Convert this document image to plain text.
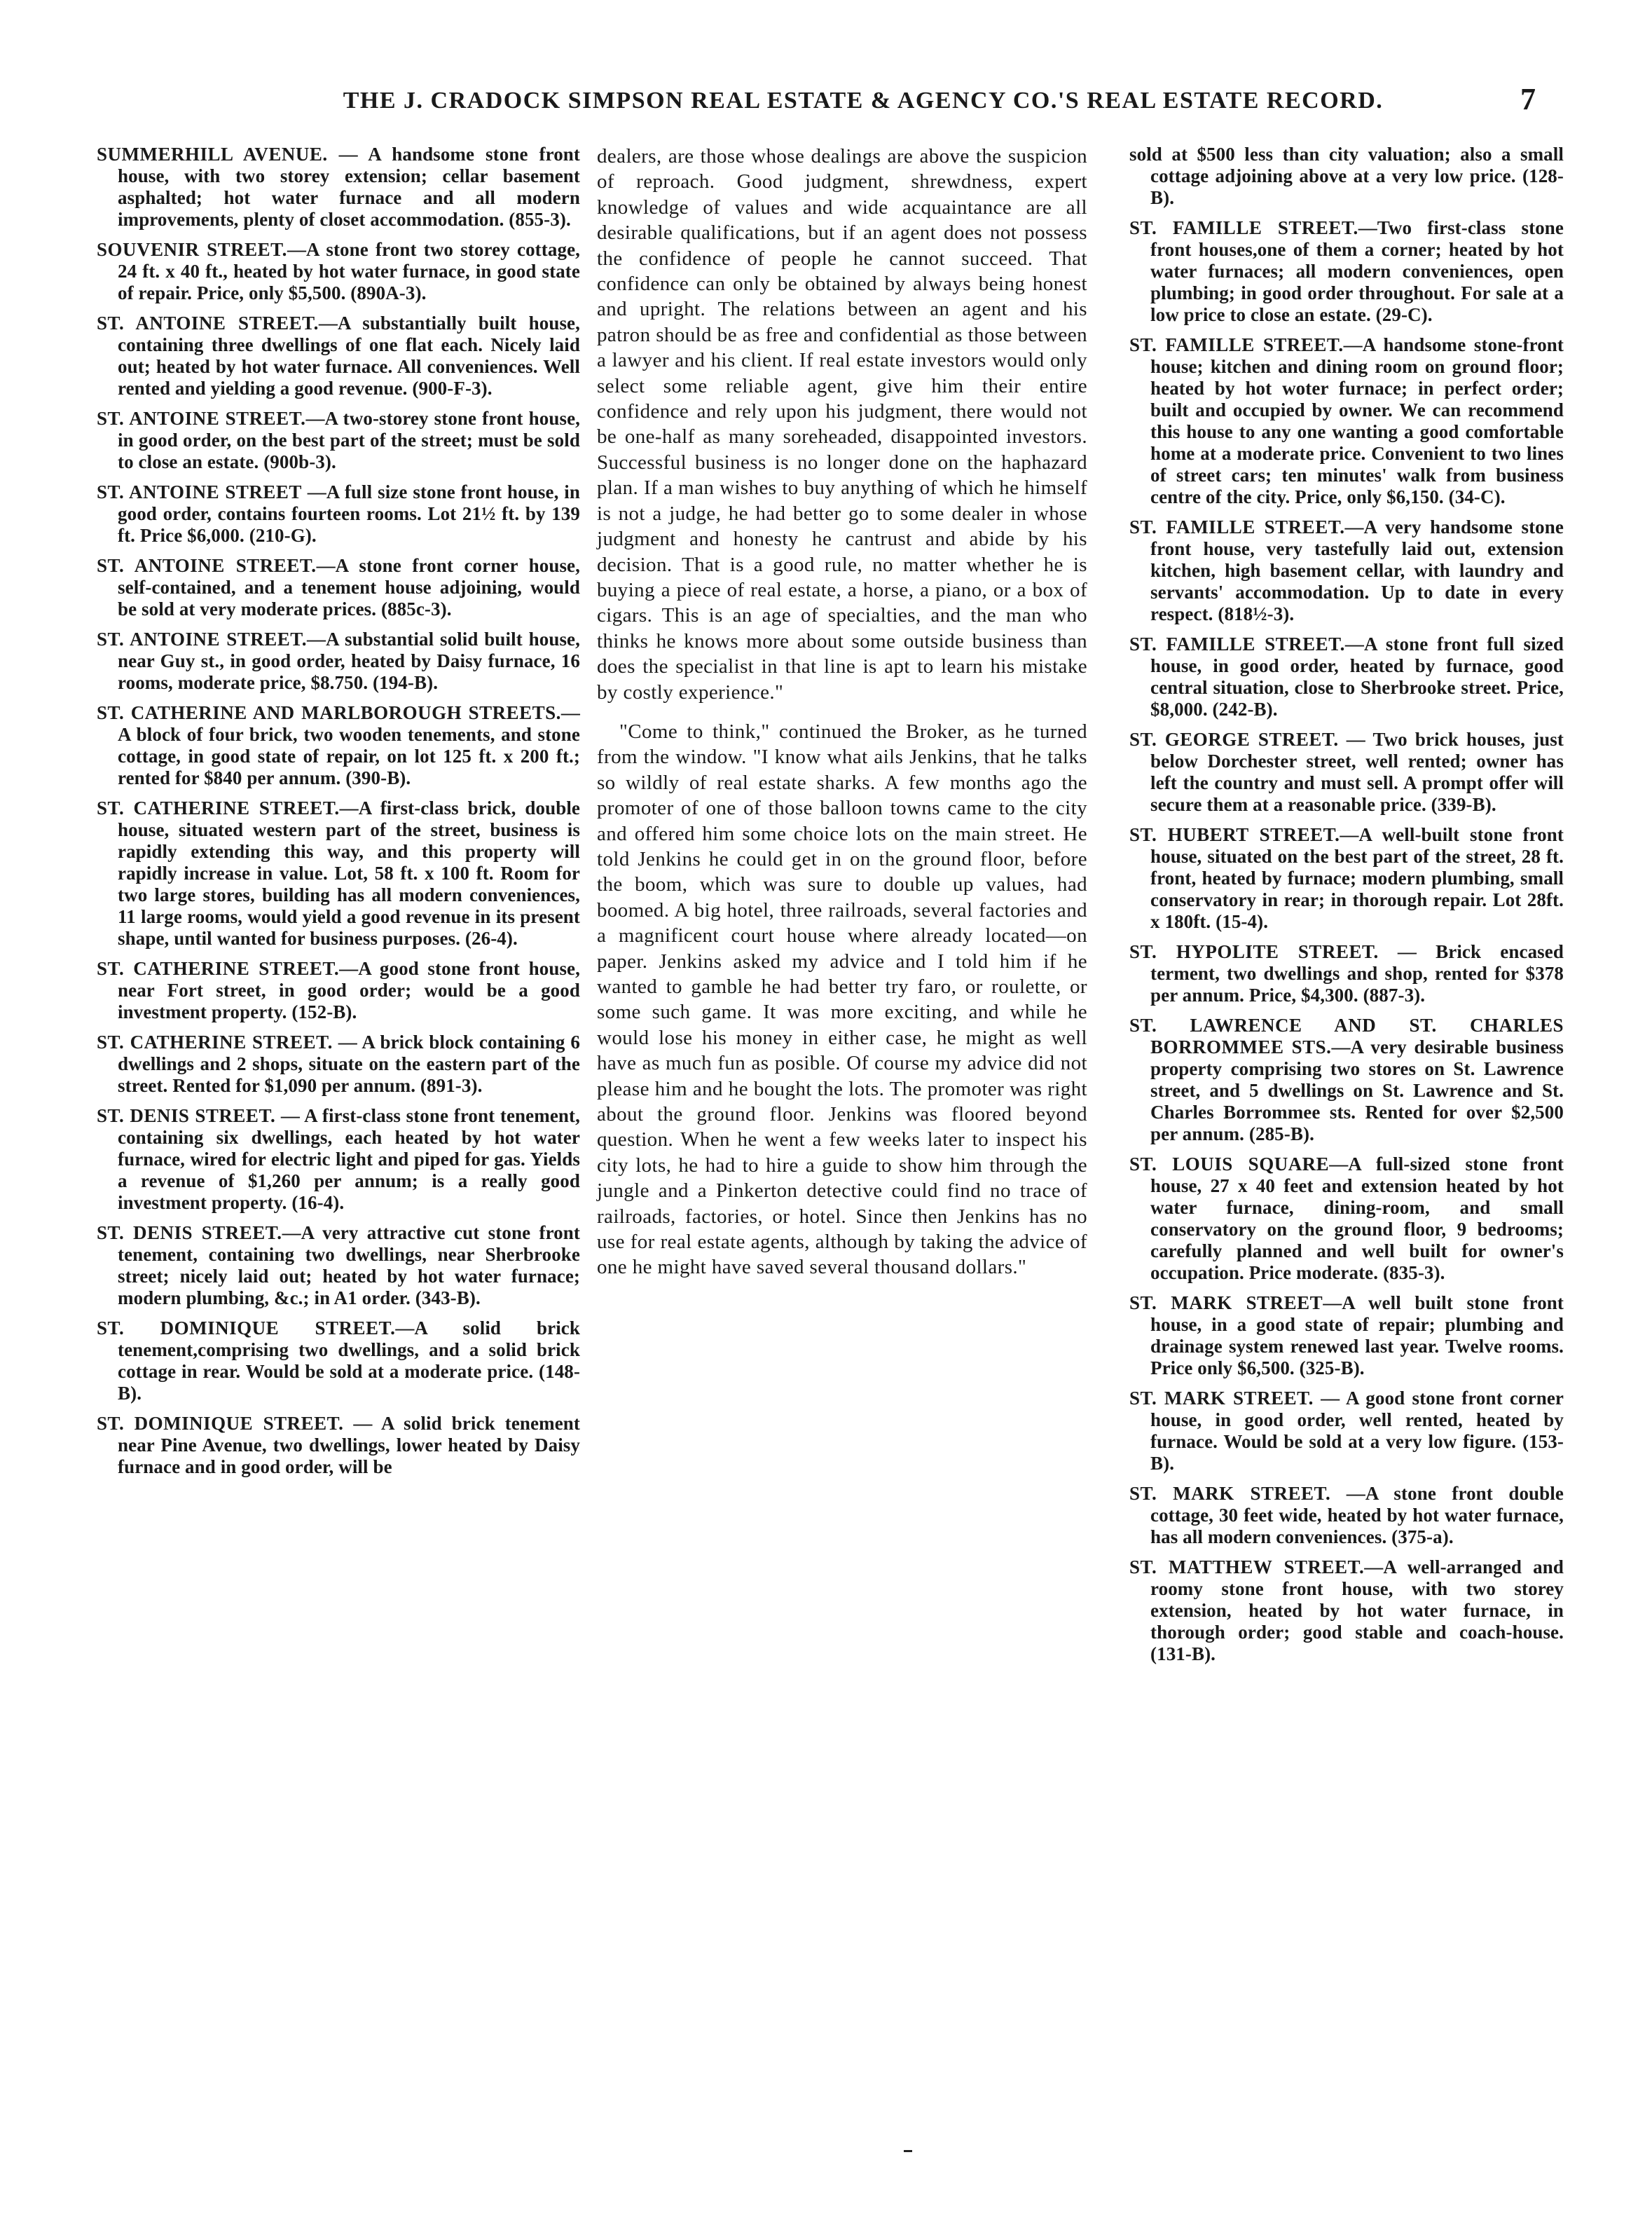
THE J. CRADOCK SIMPSON REAL ESTATE & AGENCY CO.'S REAL ESTATE RECORD.	7

SUMMERHILL AVENUE. — A handsome stone front house, with two storey extension; cellar basement asphalted; hot water furnace and all modern improvements, plenty of closet accommodation. (855-3).

SOUVENIR STREET.—A stone front two storey cottage, 24 ft. x 40 ft., heated by hot water furnace, in good state of repair. Price, only $5,500. (890A-3).

ST. ANTOINE STREET.—A substantially built house, containing three dwellings of one flat each. Nicely laid out; heated by hot water furnace. All conveniences. Well rented and yielding a good revenue. (900-F-3).

ST. ANTOINE STREET.—A two-storey stone front house, in good order, on the best part of the street; must be sold to close an estate. (900b-3).

ST. ANTOINE STREET —A full size stone front house, in good order, contains fourteen rooms. Lot 21½ ft. by 139 ft. Price $6,000. (210-G).

ST. ANTOINE STREET.—A stone front corner house, self-contained, and a tenement house adjoining, would be sold at very moderate prices. (885c-3).

ST. ANTOINE STREET.—A substantial solid built house, near Guy st., in good order, heated by Daisy furnace, 16 rooms, moderate price, $8.750. (194-B).

ST. CATHERINE AND MARLBOROUGH STREETS.—A block of four brick, two wooden tenements, and stone cottage, in good state of repair, on lot 125 ft. x 200 ft.; rented for $840 per annum. (390-B).

ST. CATHERINE STREET.—A first-class brick, double house, situated western part of the street, business is rapidly extending this way, and this property will rapidly increase in value. Lot, 58 ft. x 100 ft. Room for two large stores, building has all modern conveniences, 11 large rooms, would yield a good revenue in its present shape, until wanted for business purposes. (26-4).

ST. CATHERINE STREET.—A good stone front house, near Fort street, in good order; would be a good investment property. (152-B).

ST. CATHERINE STREET. — A brick block containing 6 dwellings and 2 shops, situate on the eastern part of the street. Rented for $1,090 per annum. (891-3).

ST. DENIS STREET. — A first-class stone front tenement, containing six dwellings, each heated by hot water furnace, wired for electric light and piped for gas. Yields a revenue of $1,260 per annum; is a really good investment property. (16-4).

ST. DENIS STREET.—A very attractive cut stone front tenement, containing two dwellings, near Sherbrooke street; nicely laid out; heated by hot water furnace; modern plumbing, &c.; in A1 order. (343-B).

ST. DOMINIQUE STREET.—A solid brick tenement,comprising two dwellings, and a solid brick cottage in rear. Would be sold at a moderate price. (148-B).

ST. DOMINIQUE STREET. — A solid brick tenement near Pine Avenue, two dwellings, lower heated by Daisy furnace and in good order, will be

dealers, are those whose dealings are above the suspicion of reproach. Good judgment, shrewdness, expert knowledge of values and wide acquaintance are all desirable qualifications, but if an agent does not possess the confidence of people he cannot succeed. That confidence can only be obtained by always being honest and upright. The relations between an agent and his patron should be as free and confidential as those between a lawyer and his client. If real estate investors would only select some reliable agent, give him their entire confidence and rely upon his judgment, there would not be one-half as many soreheaded, disappointed investors. Successful business is no longer done on the haphazard plan. If a man wishes to buy anything of which he himself is not a judge, he had better go to some dealer in whose judgment and honesty he cantrust and abide by his decision. That is a good rule, no matter whether he is buying a piece of real estate, a horse, a piano, or a box of cigars. This is an age of specialties, and the man who thinks he knows more about some outside business than does the specialist in that line is apt to learn his mistake by costly experience."

"Come to think," continued the Broker, as he turned from the window. "I know what ails Jenkins, that he talks so wildly of real estate sharks. A few months ago the promoter of one of those balloon towns came to the city and offered him some choice lots on the main street. He told Jenkins he could get in on the ground floor, before the boom, which was sure to double up values, had boomed. A big hotel, three railroads, several factories and a magnificent court house where already located—on paper. Jenkins asked my advice and I told him if he wanted to gamble he had better try faro, or roulette, or some such game. It was more exciting, and while he would lose his money in either case, he might as well have as much fun as posible. Of course my advice did not please him and he bought the lots. The promoter was right about the ground floor. Jenkins was floored beyond question. When he went a few weeks later to inspect his city lots, he had to hire a guide to show him through the jungle and a Pinkerton detective could find no trace of railroads, factories, or hotel. Since then Jenkins has no use for real estate agents, although by taking the advice of one he might have saved several thousand dollars."

sold at $500 less than city valuation; also a small cottage adjoining above at a very low price. (128-B).

ST. FAMILLE STREET.—Two first-class stone front houses,one of them a corner; heated by hot water furnaces; all modern conveniences, open plumbing; in good order throughout. For sale at a low price to close an estate. (29-C).

ST. FAMILLE STREET.—A handsome stone-front house; kitchen and dining room on ground floor; heated by hot woter furnace; in perfect order; built and occupied by owner. We can recommend this house to any one wanting a good comfortable home at a moderate price. Convenient to two lines of street cars; ten minutes' walk from business centre of the city. Price, only $6,150. (34-C).

ST. FAMILLE STREET.—A very handsome stone front house, very tastefully laid out, extension kitchen, high basement cellar, with laundry and servants' accommodation. Up to date in every respect. (818½-3).

ST. FAMILLE STREET.—A stone front full sized house, in good order, heated by furnace, good central situation, close to Sherbrooke street. Price, $8,000. (242-B).

ST. GEORGE STREET. — Two brick houses, just below Dorchester street, well rented; owner has left the country and must sell. A prompt offer will secure them at a reasonable price. (339-B).

ST. HUBERT STREET.—A well-built stone front house, situated on the best part of the street, 28 ft. front, heated by furnace; modern plumbing, small conservatory in rear; in thorough repair. Lot 28ft. x 180ft. (15-4).

ST. HYPOLITE STREET. — Brick encased terment, two dwellings and shop, rented for $378 per annum. Price, $4,300. (887-3).

ST. LAWRENCE AND ST. CHARLES BORROMMEE STS.—A very desirable business property comprising two stores on St. Lawrence street, and 5 dwellings on St. Lawrence and St. Charles Borrommee sts. Rented for over $2,500 per annum. (285-B).

ST. LOUIS SQUARE—A full-sized stone front house, 27 x 40 feet and extension heated by hot water furnace, dining-room, and small conservatory on the ground floor, 9 bedrooms; carefully planned and well built for owner's occupation. Price moderate. (835-3).

ST. MARK STREET—A well built stone front house, in a good state of repair; plumbing and drainage system renewed last year. Twelve rooms. Price only $6,500. (325-B).

ST. MARK STREET. — A good stone front corner house, in good order, well rented, heated by furnace. Would be sold at a very low figure. (153-B).

ST. MARK STREET. —A stone front double cottage, 30 feet wide, heated by hot water furnace, has all modern conveniences. (375-a).

ST. MATTHEW STREET.—A well-arranged and roomy stone front house, with two storey extension, heated by hot water furnace, in thorough order; good stable and coach-house. (131-B).
